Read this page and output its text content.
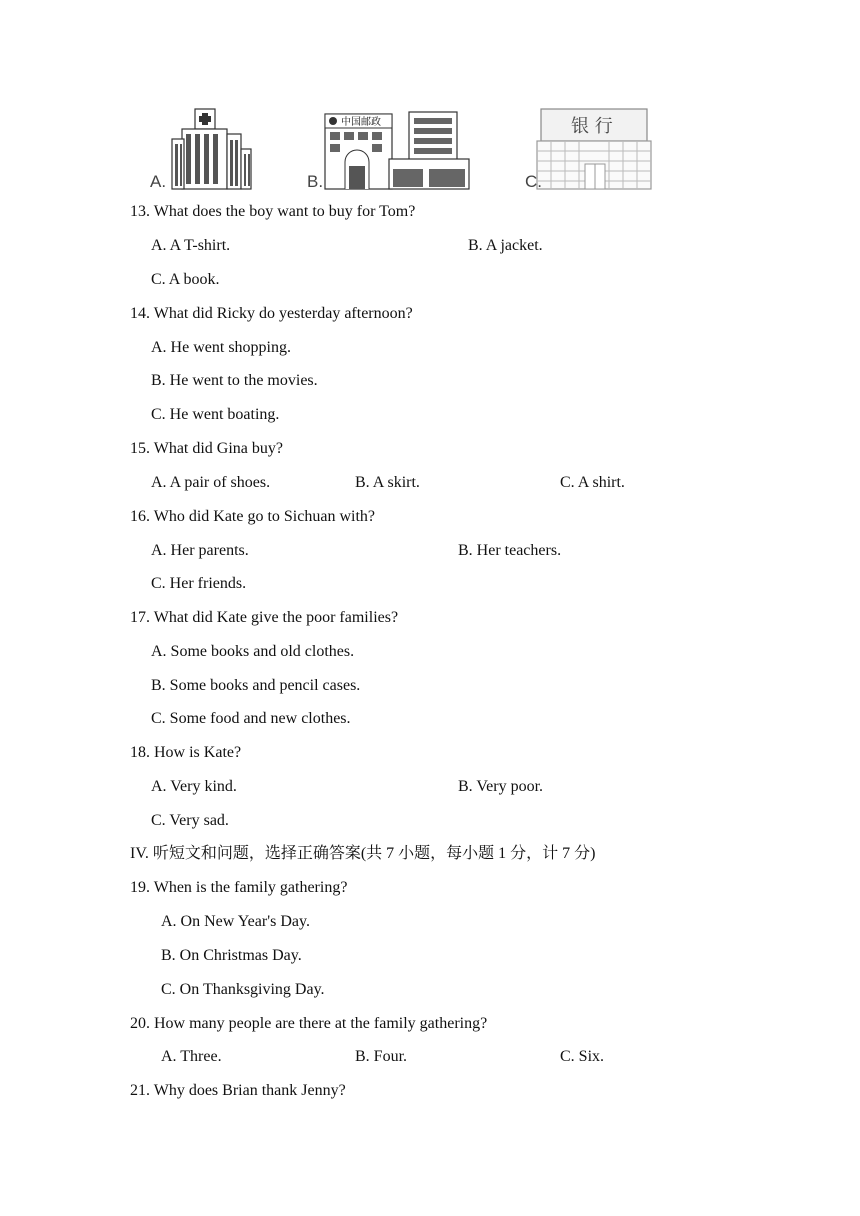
A.
中国邮政
B.
银 行
C.
13. What does the boy want to buy for Tom?
A. A T-shirt.	B. A jacket.
C. A book.
14. What did Ricky do yesterday afternoon?
A. He went shopping.
B. He went to the movies.
C. He went boating.
15. What did Gina buy?
A. A pair of shoes.	B. A skirt.	C. A shirt.
16. Who did Kate go to Sichuan with?
A. Her parents.	B. Her teachers.
C. Her friends.
17. What did Kate give the poor families?
A. Some books and old clothes.
B. Some books and pencil cases.
C. Some food and new clothes.
18. How is Kate?
A. Very kind.	B. Very poor.
C. Very sad.
IV. 听短文和问题，选择正确答案(共 7 小题，每小题 1 分，计 7 分)
19. When is the family gathering?
A. On New Year's Day.
B. On Christmas Day.
C. On Thanksgiving Day.
20. How many people are there at the family gathering?
A. Three.	B. Four.	C. Six.
21. Why does Brian thank Jenny?
